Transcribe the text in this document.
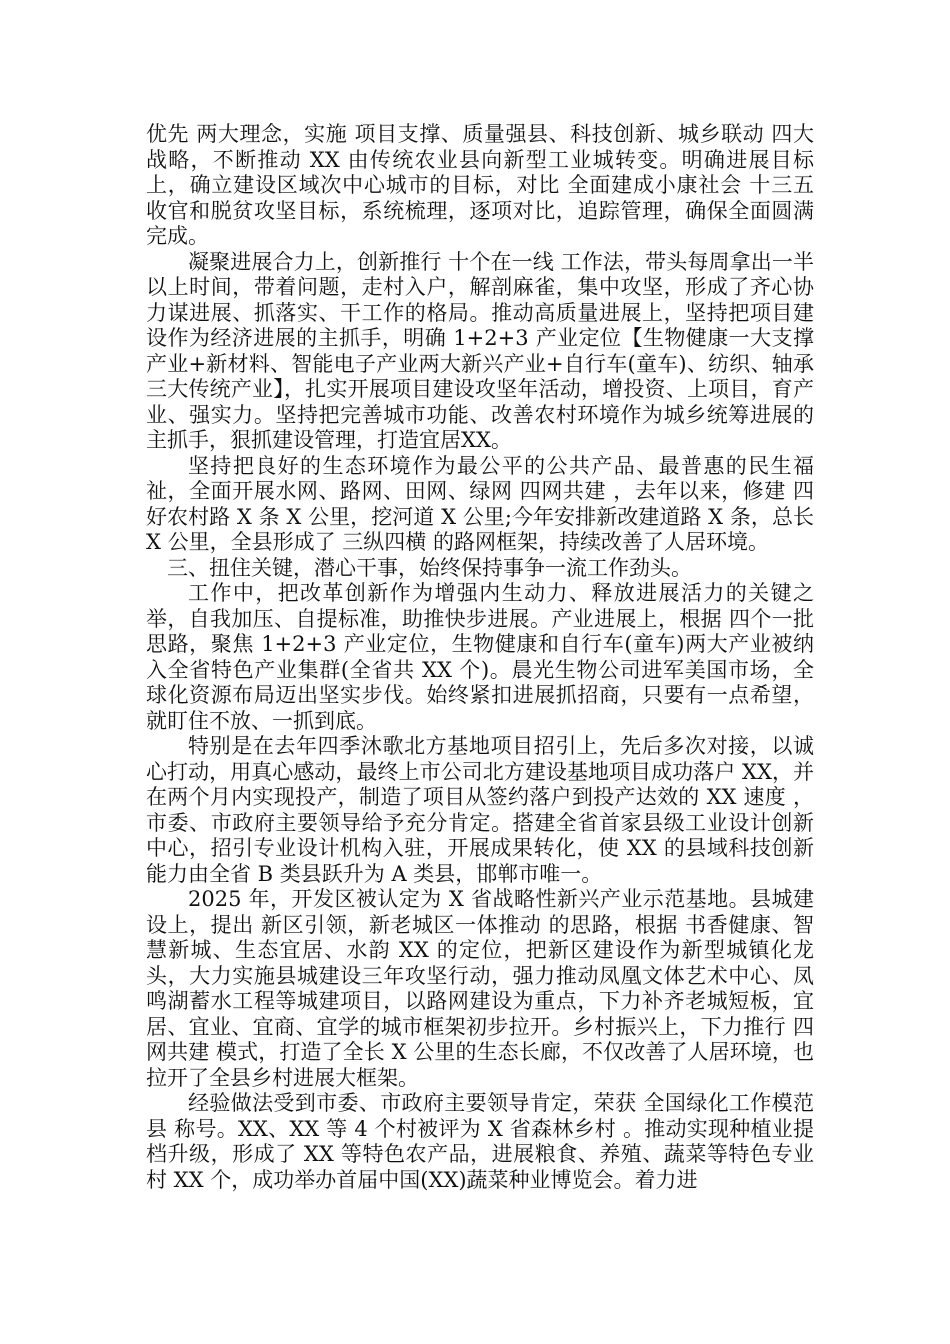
优先 两大理念，实施 项目支撑、质量强县、科技创新、城乡联动 四大战略，不断推动 XX 由传统农业县向新型工业城转变。明确进展目标上，确立建设区域次中心城市的目标，对比 全面建成小康社会 十三五 收官和脱贫攻坚目标，系统梳理，逐项对比，追踪管理，确保全面圆满完成。

凝聚进展合力上，创新推行 十个在一线 工作法，带头每周拿出一半以上时间，带着问题，走村入户，解剖麻雀，集中攻坚，形成了齐心协力谋进展、抓落实、干工作的格局。推动高质量进展上，坚持把项目建设作为经济进展的主抓手，明确 1+2+3 产业定位【生物健康一大支撑产业+新材料、智能电子产业两大新兴产业+自行车(童车)、纺织、轴承三大传统产业】，扎实开展项目建设攻坚年活动，增投资、上项目，育产业、强实力。坚持把完善城市功能、改善农村环境作为城乡统筹进展的主抓手，狠抓建设管理，打造宜居XX。

坚持把良好的生态环境作为最公平的公共产品、最普惠的民生福祉，全面开展水网、路网、田网、绿网 四网共建 ，去年以来，修建 四好农村路 X 条 X 公里，挖河道 X 公里;今年安排新改建道路 X 条，总长 X 公里，全县形成了 三纵四横 的路网框架，持续改善了人居环境。

三、扭住关键，潜心干事，始终保持事争一流工作劲头。

工作中，把改革创新作为增强内生动力、释放进展活力的关键之举，自我加压、自提标准，助推快步进展。产业进展上，根据 四个一批 思路，聚焦 1+2+3 产业定位，生物健康和自行车(童车)两大产业被纳入全省特色产业集群(全省共 XX 个)。晨光生物公司进军美国市场，全球化资源布局迈出坚实步伐。始终紧扣进展抓招商，只要有一点希望，就盯住不放、一抓到底。

特别是在去年四季沐歌北方基地项目招引上，先后多次对接，以诚心打动，用真心感动，最终上市公司北方建设基地项目成功落户 XX，并在两个月内实现投产，制造了项目从签约落户到投产达效的 XX 速度 ，市委、市政府主要领导给予充分肯定。搭建全省首家县级工业设计创新中心，招引专业设计机构入驻，开展成果转化，使 XX 的县域科技创新能力由全省 B 类县跃升为 A 类县，邯郸市唯一。

2025 年，开发区被认定为 X 省战略性新兴产业示范基地。县城建设上，提出 新区引领，新老城区一体推动 的思路，根据 书香健康、智慧新城、生态宜居、水韵 XX 的定位，把新区建设作为新型城镇化龙头，大力实施县城建设三年攻坚行动，强力推动凤凰文体艺术中心、凤鸣湖蓄水工程等城建项目，以路网建设为重点，下力补齐老城短板，宜居、宜业、宜商、宜学的城市框架初步拉开。乡村振兴上，下力推行 四网共建 模式，打造了全长 X 公里的生态长廊，不仅改善了人居环境，也拉开了全县乡村进展大框架。

经验做法受到市委、市政府主要领导肯定，荣获 全国绿化工作模范县 称号。XX、XX 等 4 个村被评为 X 省森林乡村 。推动实现种植业提档升级，形成了 XX 等特色农产品，进展粮食、养殖、蔬菜等特色专业村 XX 个，成功举办首届中国(XX)蔬菜种业博览会。着力进
